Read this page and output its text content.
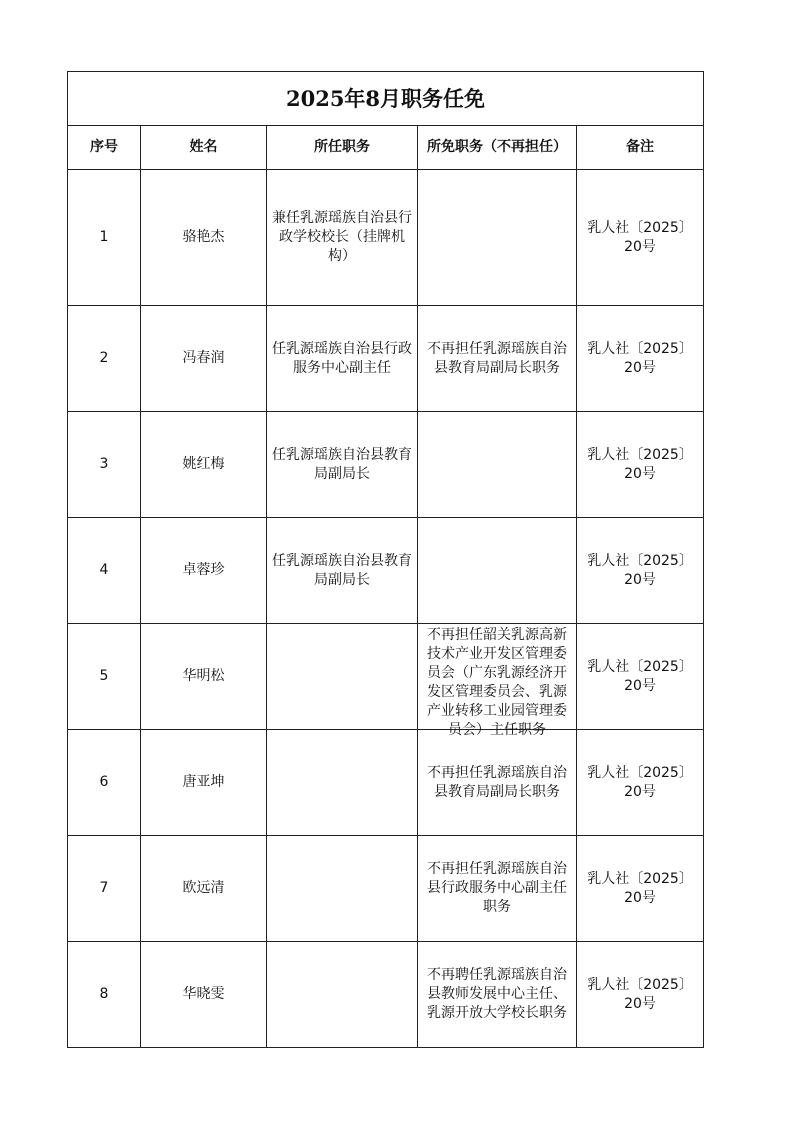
2025年8月职务任免				
序号	姓名	所任职务	所免职务（不再担任）	备注

1	骆艳杰	兼任乳源瑶族自治县行政学校校长（挂牌机构）		乳人社〔2025〕20号

2	冯春润	任乳源瑶族自治县行政服务中心副主任	不再担任乳源瑶族自治县教育局副局长职务	乳人社〔2025〕20号

3	姚红梅	任乳源瑶族自治县教育局副局长		乳人社〔2025〕20号

4	卓蓉珍	任乳源瑶族自治县教育局副局长		乳人社〔2025〕20号

5	华明松		不再担任韶关乳源高新技术产业开发区管理委员会（广东乳源经济开发区管理委员会、乳源产业转移工业园管理委员会）主任职务	乳人社〔2025〕20号

6	唐亚坤		不再担任乳源瑶族自治县教育局副局长职务	乳人社〔2025〕20号

7	欧远清		不再担任乳源瑶族自治县行政服务中心副主任职务	乳人社〔2025〕20号

8	华晓雯		不再聘任乳源瑶族自治县教师发展中心主任、乳源开放大学校长职务	乳人社〔2025〕20号
